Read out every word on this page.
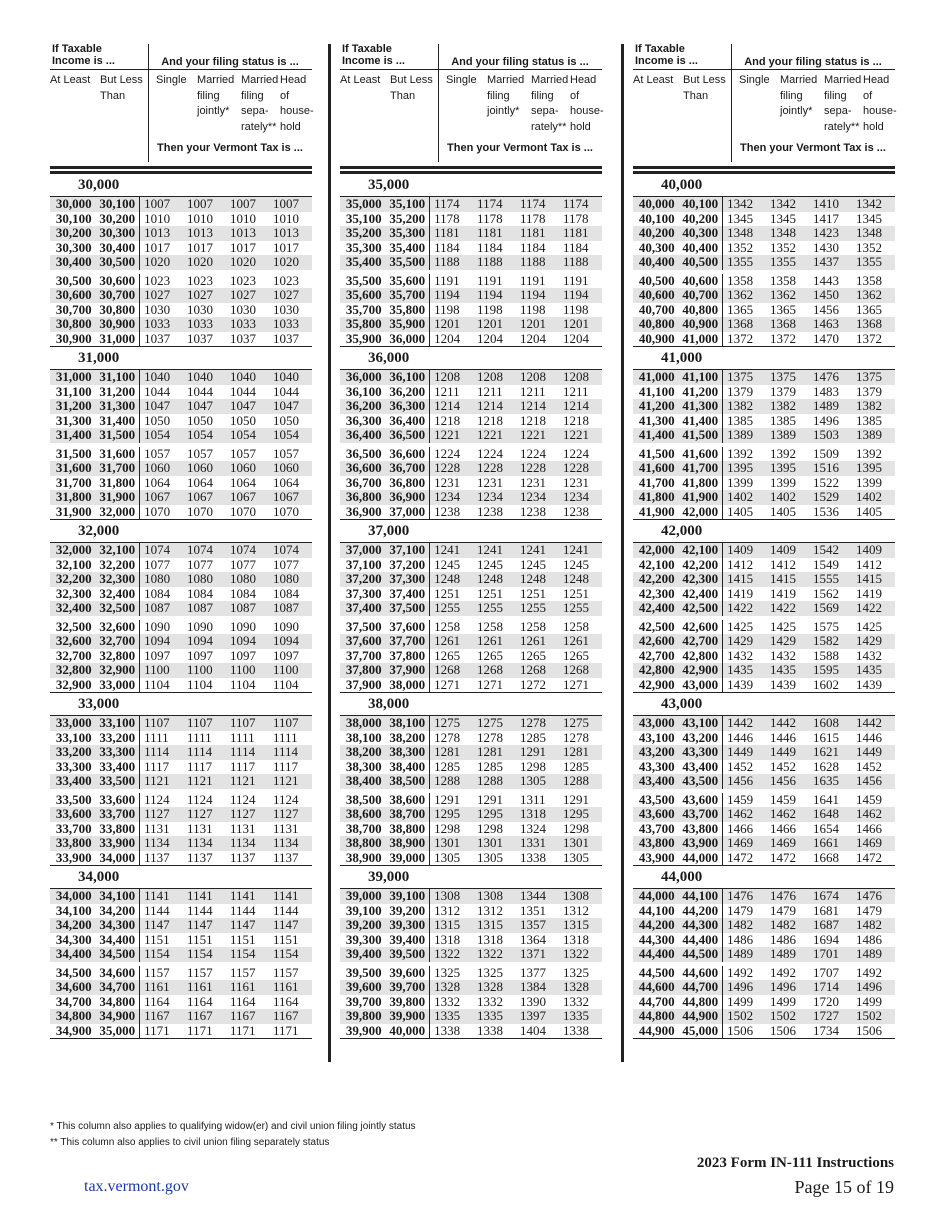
If Taxable
Income is ...	And your filing status is ...
At Least But Less
Than
Single Married
filing
jointly*
Married
filing
sepa-
rately**
Head of
house-
hold
Then your Vermont Tax is ...
30,000
30,000 30,100 1007	1007	1007	1007
30,100 30,200 1010	1010	1010	1010
30,200 30,300 1013	1013	1013	1013
30,300 30,400 1017	1017	1017	1017
30,400 30,500 1020	1020	1020	1020
30,500 30,600 1023	1023	1023	1023
30,600 30,700 1027	1027	1027	1027
30,700 30,800 1030	1030	1030	1030
30,800 30,900 1033	1033	1033	1033
30,900 31,000 1037	1037	1037	1037
31,000
31,000 31,100 1040	1040	1040	1040
31,100 31,200 1044	1044	1044	1044
31,200 31,300 1047	1047	1047	1047
31,300 31,400 1050	1050	1050	1050
31,400 31,500 1054	1054	1054	1054
31,500 31,600 1057	1057	1057	1057
31,600 31,700 1060	1060	1060	1060
31,700 31,800 1064	1064	1064	1064
31,800 31,900 1067	1067	1067	1067
31,900 32,000 1070	1070	1070	1070
32,000
32,000 32,100 1074	1074	1074	1074
32,100 32,200 1077	1077	1077	1077
32,200 32,300 1080	1080	1080	1080
32,300 32,400 1084	1084	1084	1084
32,400 32,500 1087	1087	1087	1087
32,500 32,600 1090	1090	1090	1090
32,600 32,700 1094	1094	1094	1094
32,700 32,800 1097	1097	1097	1097
32,800 32,900 1100	1100	1100	1100
32,900 33,000 1104	1104	1104	1104
33,000
33,000 33,100 1107	1107	1107	1107
33,100 33,200 1111	1111	1111	1111
33,200 33,300 1114	1114	1114	1114
33,300 33,400 1117	1117	1117	1117
33,400 33,500 1121	1121	1121	1121
33,500 33,600 1124	1124	1124	1124
33,600 33,700 1127	1127	1127	1127
33,700 33,800 1131	1131	1131	1131
33,800 33,900 1134	1134	1134	1134
33,900 34,000 1137	1137	1137	1137
34,000
34,000 34,100 1141	1141	1141	1141
34,100 34,200 1144	1144	1144	1144
34,200 34,300 1147	1147	1147	1147
34,300 34,400 1151	1151	1151	1151
34,400 34,500 1154	1154	1154	1154
34,500 34,600 1157	1157	1157	1157
34,600 34,700 1161	1161	1161	1161
34,700 34,800 1164	1164	1164	1164
34,800 34,900 1167	1167	1167	1167
34,900 35,000 1171	1171	1171	1171
If Taxable
Income is ...	And your filing status is ...
At Least But Less
Than
Single Married
filing
jointly*
Married
filing
sepa-
rately**
Head of
house-
hold
Then your Vermont Tax is ...
35,000
35,000 35,100 1174	1174	1174	1174
35,100 35,200 1178	1178	1178	1178
35,200 35,300 1181	1181	1181	1181
35,300 35,400 1184	1184	1184	1184
35,400 35,500 1188	1188	1188	1188
35,500 35,600 1191	1191	1191	1191
35,600 35,700 1194	1194	1194	1194
35,700 35,800 1198	1198	1198	1198
35,800 35,900 1201	1201	1201	1201
35,900 36,000 1204	1204	1204	1204
36,000
36,000 36,100 1208	1208	1208	1208
36,100 36,200 1211	1211	1211	1211
36,200 36,300 1214	1214	1214	1214
36,300 36,400 1218	1218	1218	1218
36,400 36,500 1221	1221	1221	1221
36,500 36,600 1224	1224	1224	1224
36,600 36,700 1228	1228	1228	1228
36,700 36,800 1231	1231	1231	1231
36,800 36,900 1234	1234	1234	1234
36,900 37,000 1238	1238	1238	1238
37,000
37,000 37,100 1241	1241	1241	1241
37,100 37,200 1245	1245	1245	1245
37,200 37,300 1248	1248	1248	1248
37,300 37,400 1251	1251	1251	1251
37,400 37,500 1255	1255	1255	1255
37,500 37,600 1258	1258	1258	1258
37,600 37,700 1261	1261	1261	1261
37,700 37,800 1265	1265	1265	1265
37,800 37,900 1268	1268	1268	1268
37,900 38,000 1271	1271	1272	1271
38,000
38,000 38,100 1275	1275	1278	1275
38,100 38,200 1278	1278	1285	1278
38,200 38,300 1281	1281	1291	1281
38,300 38,400 1285	1285	1298	1285
38,400 38,500 1288	1288	1305	1288
38,500 38,600 1291	1291	1311	1291
38,600 38,700 1295	1295	1318	1295
38,700 38,800 1298	1298	1324	1298
38,800 38,900 1301	1301	1331	1301
38,900 39,000 1305	1305	1338	1305
39,000
39,000 39,100 1308	1308	1344	1308
39,100 39,200 1312	1312	1351	1312
39,200 39,300 1315	1315	1357	1315
39,300 39,400 1318	1318	1364	1318
39,400 39,500 1322	1322	1371	1322
39,500 39,600 1325	1325	1377	1325
39,600 39,700 1328	1328	1384	1328
39,700 39,800 1332	1332	1390	1332
39,800 39,900 1335	1335	1397	1335
39,900 40,000 1338	1338	1404	1338
If Taxable
Income is ...	And your filing status is ...
At Least But Less
Than
Single Married
filing
jointly*
Married
filing
sepa-
rately**
Head of
house-
hold
Then your Vermont Tax is ...
40,000
40,000 40,100 1342	1342	1410	1342
40,100 40,200 1345	1345	1417	1345
40,200 40,300 1348	1348	1423	1348
40,300 40,400 1352	1352	1430	1352
40,400 40,500 1355	1355	1437	1355
40,500 40,600 1358	1358	1443	1358
40,600 40,700 1362	1362	1450	1362
40,700 40,800 1365	1365	1456	1365
40,800 40,900 1368	1368	1463	1368
40,900 41,000 1372	1372	1470	1372
41,000
41,000 41,100 1375	1375	1476	1375
41,100 41,200 1379	1379	1483	1379
41,200 41,300 1382	1382	1489	1382
41,300 41,400 1385	1385	1496	1385
41,400 41,500 1389	1389	1503	1389
41,500 41,600 1392	1392	1509	1392
41,600 41,700 1395	1395	1516	1395
41,700 41,800 1399	1399	1522	1399
41,800 41,900 1402	1402	1529	1402
41,900 42,000 1405	1405	1536	1405
42,000
42,000 42,100 1409	1409	1542	1409
42,100 42,200 1412	1412	1549	1412
42,200 42,300 1415	1415	1555	1415
42,300 42,400 1419	1419	1562	1419
42,400 42,500 1422	1422	1569	1422
42,500 42,600 1425	1425	1575	1425
42,600 42,700 1429	1429	1582	1429
42,700 42,800 1432	1432	1588	1432
42,800 42,900 1435	1435	1595	1435
42,900 43,000 1439	1439	1602	1439
43,000
43,000 43,100 1442	1442	1608	1442
43,100 43,200 1446	1446	1615	1446
43,200 43,300 1449	1449	1621	1449
43,300 43,400 1452	1452	1628	1452
43,400 43,500 1456	1456	1635	1456
43,500 43,600 1459	1459	1641	1459
43,600 43,700 1462	1462	1648	1462
43,700 43,800 1466	1466	1654	1466
43,800 43,900 1469	1469	1661	1469
43,900 44,000 1472	1472	1668	1472
44,000
44,000 44,100 1476	1476	1674	1476
44,100 44,200 1479	1479	1681	1479
44,200 44,300 1482	1482	1687	1482
44,300 44,400 1486	1486	1694	1486
44,400 44,500 1489	1489	1701	1489
44,500 44,600 1492	1492	1707	1492
44,600 44,700 1496	1496	1714	1496
44,700 44,800 1499	1499	1720	1499
44,800 44,900 1502	1502	1727	1502
44,900 45,000 1506	1506	1734	1506
* This column also applies to qualifying widow(er) and civil union filing jointly status
** This column also applies to civil union filing separately status
2023 Form IN-111 Instructions
tax.vermont.gov	Page 15 of 19
